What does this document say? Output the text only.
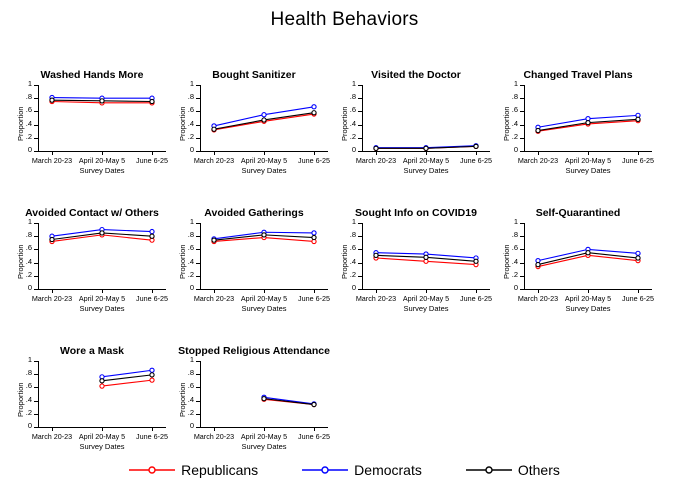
Health Behaviors
Washed Hands More
0
.2
.4
.6
.8
1
Proportion
March 20-23 April 20-May 5 June 6-25
Survey Dates
Bought Sanitizer
0
.2
.4
.6
.8
1
Proportion
March 20-23 April 20-May 5 June 6-25
Survey Dates
Visited the Doctor
0
.2
.4
.6
.8
1
Proportion
March 20-23 April 20-May 5 June 6-25
Survey Dates
Changed Travel Plans
0
.2
.4
.6
.8
1
Proportion
March 20-23 April 20-May 5 June 6-25
Survey Dates
Avoided Contact w/ Others
0
.2
.4
.6
.8
1
Proportion
March 20-23 April 20-May 5 June 6-25
Survey Dates
Avoided Gatherings
0
.2
.4
.6
.8
1
Proportion
March 20-23 April 20-May 5 June 6-25
Survey Dates
Sought Info on COVID19
0
.2
.4
.6
.8
1
Proportion
March 20-23 April 20-May 5 June 6-25
Survey Dates
Self-Quarantined
0
.2
.4
.6
.8
1
Proportion
March 20-23 April 20-May 5 June 6-25
Survey Dates
Wore a Mask
0
.2
.4
.6
.8
1
Proportion
March 20-23 April 20-May 5 June 6-25
Survey Dates
Stopped Religious Attendance
0
.2
.4
.6
.8
1
Proportion
March 20-23 April 20-May 5 June 6-25
Survey Dates
Republicans	Democrats	Others
